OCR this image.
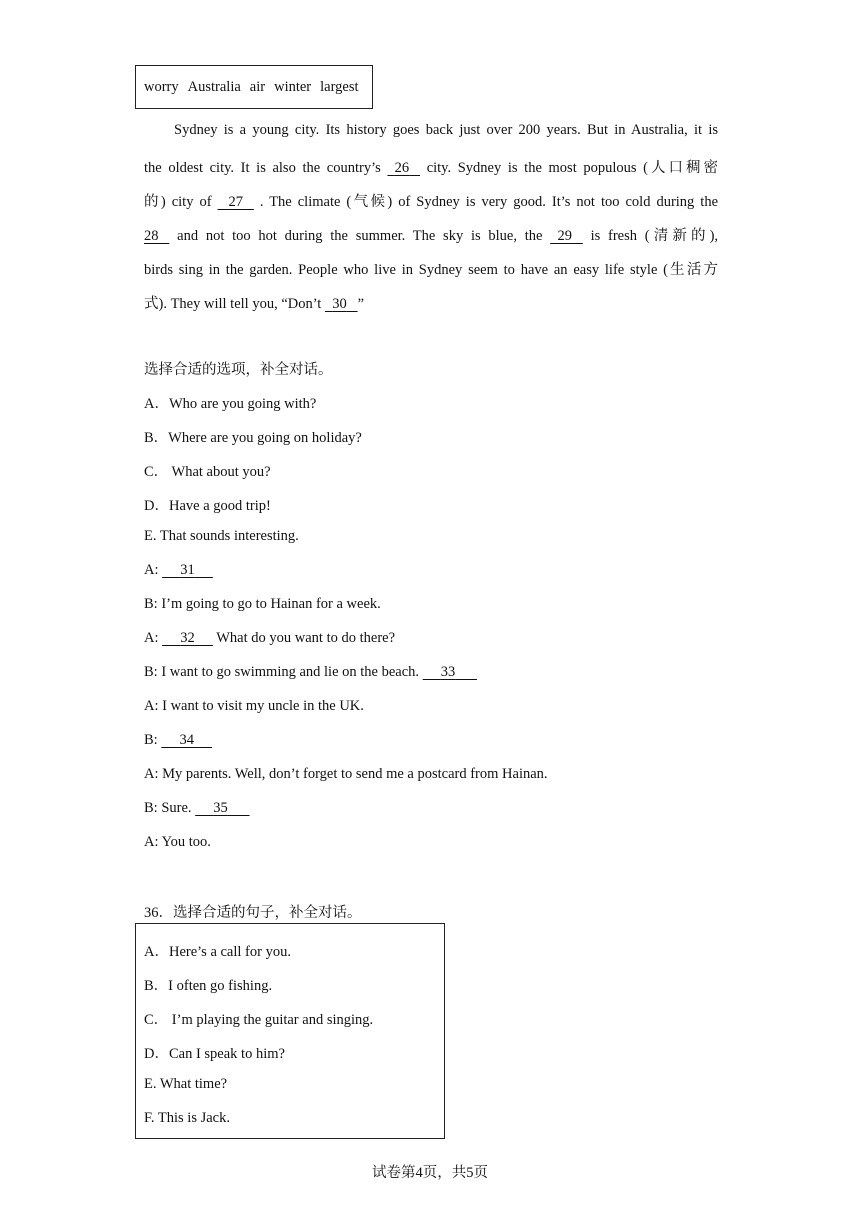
worry Australia air winter largest
Sydney is a young city. Its history goes back just over 200 years. But in Australia, it is
the oldest city. It is also the country’s 26 city. Sydney is the most populous (人口稠密
的) city of 27 . The climate (气候) of Sydney is very good. It’s not too cold during the
28 and not too hot during the summer. The sky is blue, the 29 is fresh (清新的),
birds sing in the garden. People who live in Sydney seem to have an easy life style (生活方
式). They will tell you, “Don’t 30 ”
选择合适的选项，补全对话。
A．Who are you going with?
B．Where are you going on holiday?
C． What about you?
D．Have a good trip!
E. That sounds interesting.
A: 31
B: I’m going to go to Hainan for a week.
A: 32 What do you want to do there?
B: I want to go swimming and lie on the beach. 33
A: I want to visit my uncle in the UK.
B: 34
A: My parents. Well, don’t forget to send me a postcard from Hainan.
B: Sure. 35
A: You too.
36．选择合适的句子，补全对话。
A．Here’s a call for you.
B．I often go fishing.
C． I’m playing the guitar and singing.
D．Can I speak to him?
E. What time?
F. This is Jack.
试卷第4页，共5页
